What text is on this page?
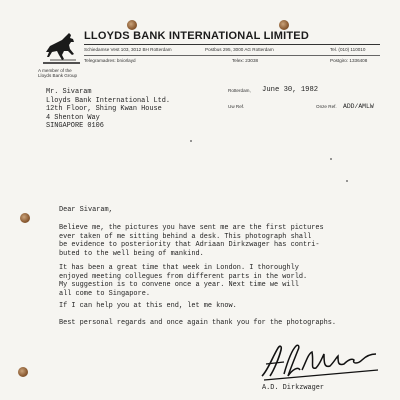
LLOYDS BANK INTERNATIONAL LIMITED
Schiedamse Vest 103, 3012 BH Rotterdam	Postbus 295, 3000 AG Rotterdam	Tel. (010) 110010
Telegramadres: bniorlayd	Telex: 23038	Postgiro: 1336408
A member of the
Lloyds Bank Group
Mr. Sivaram
Lloyds Bank International Ltd.
12th Floor, Shing Kwan House
4 Shenton Way
SINGAPORE 0106
Rotterdam, June 30, 1982
Uw Ref.	Onze Ref. ADD/AMLW
Dear Sivaram,
Believe me, the pictures you have sent me are the first pictures
ever taken of me sitting behind a desk. This photograph shall
be evidence to posteriority that Adriaan Dirkzwager has contri-
buted to the well being of mankind.
It has been a great time that week in London. I thoroughly
enjoyed meeting collegues from different parts in the world.
My suggestion is to convene once a year. Next time we will
all come to Singapore.
If I can help you at this end, let me know.
Best personal regards and once again thank you for the photographs.
A.D. Dirkzwager
